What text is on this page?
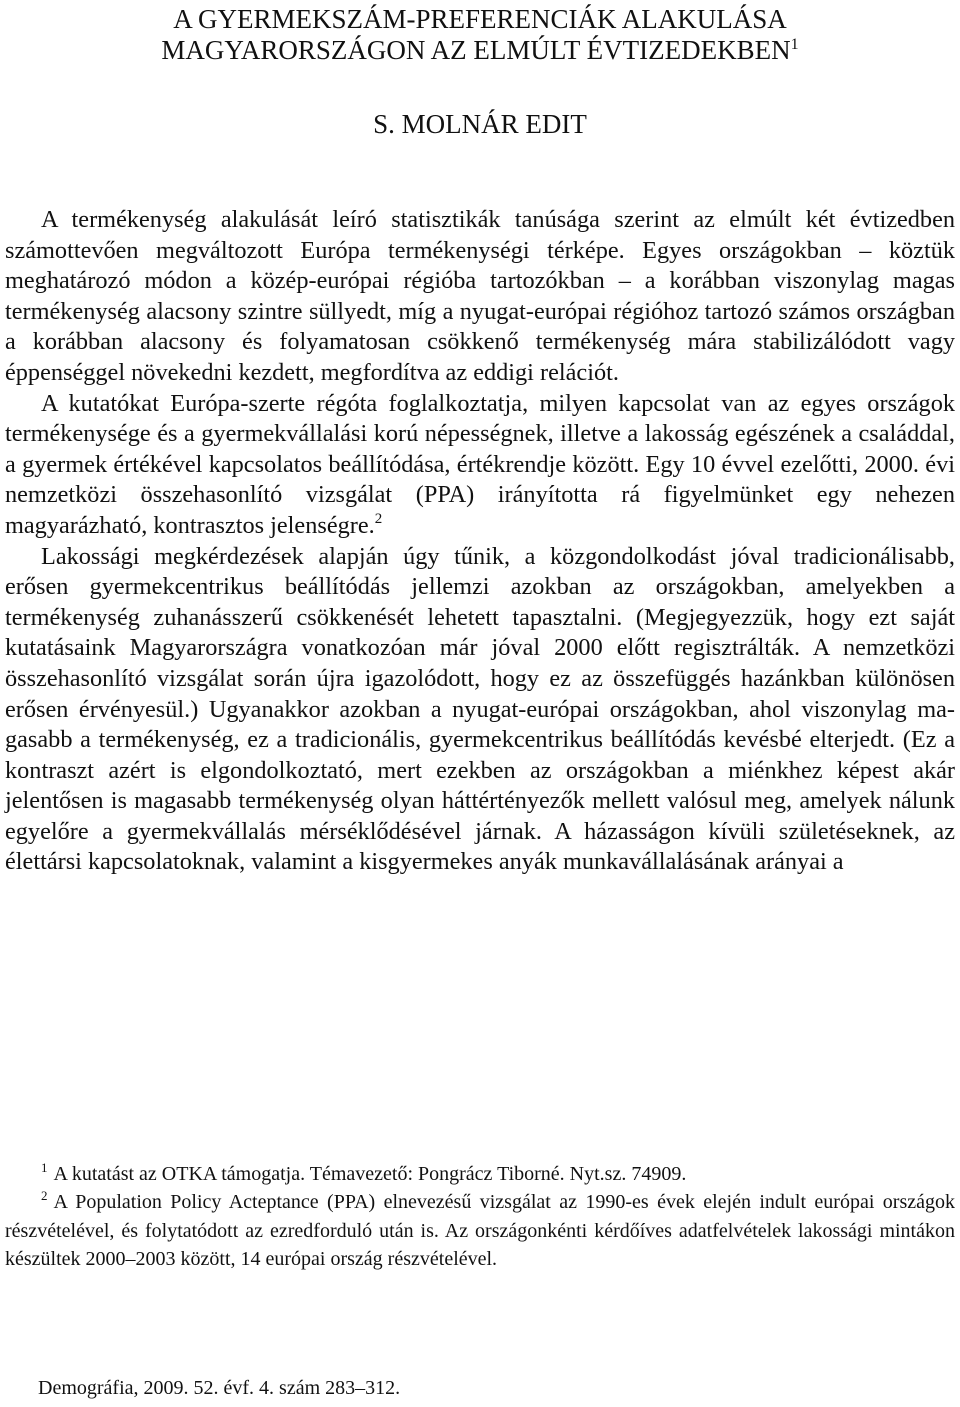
A GYERMEKSZÁM-PREFERENCIÁK ALAKULÁSA
MAGYARORSZÁGON AZ ELMÚLT ÉVTIZEDEKBEN$^1$
S. MOLNÁR EDIT

A termékenység alakulását leíró statisztikák tanúsága szerint az elmúlt két évtizedben számottevően megváltozott Európa termékenységi térképe. Egyes országokban – köztük meghatározó módon a közép-európai régióba tartozókban – a korábban viszonylag magas termékenység alacsony szintre süllyedt, míg a nyugat-európai régióhoz tartozó számos országban a korábban alacsony és folyamatosan csökkenő termékenység mára stabilizálódott vagy éppenséggel növekedni kezdett, megfordítva az eddigi relációt.

A kutatókat Európa-szerte régóta foglalkoztatja, milyen kapcsolat van az egyes országok termékenysége és a gyermekvállalási korú népességnek, illetve a lakosság egészének a családdal, a gyermek értékével kapcsolatos beállítódása, értékrendje között. Egy 10 évvel ezelőtti, 2000. évi nemzetközi összehasonlító vizsgálat (PPA) irányította rá figyelmünket egy nehezen magyarázható, kontrasztos jelenségre.$^2$

Lakossági megkérdezések alapján úgy tűnik, a közgondolkodást jóval tradicionálisabb, erősen gyermekcentrikus beállítódás jellemzi azokban az országokban, amelyekben a termékenység zuhanásszerű csökkenését lehetett tapasztalni. (Megjegyezzük, hogy ezt saját kutatásaink Magyarországra vonatkozóan már jóval 2000 előtt regisztrálták. A nemzetközi összehasonlító vizsgálat során újra igazolódott, hogy ez az összefüggés hazánkban különösen erősen érvényesül.) Ugyanakkor azokban a nyugat-európai országokban, ahol viszonylag magasabb a termékenység, ez a tradicionális, gyermekcentrikus beállítódás kevésbé elterjedt. (Ez a kontraszt azért is elgondolkoztató, mert ezekben az országokban a miénkhez képest akár jelentősen is magasabb termékenység olyan háttértényezők mellett valósul meg, amelyek nálunk egyelőre a gyermekvállalás mérséklődésével járnak. A házasságon kívüli születéseknek, az élettársi kapcsolatoknak, valamint a kisgyermekes anyák munkavállalásának arányai a

$^1$ A kutatást az OTKA támogatja. Témavezető: Pongrácz Tiborné. Nyt.sz. 74909.

$^2$ A Population Policy Acteptance (PPA) elnevezésű vizsgálat az 1990-es évek elején indult európai országok részvételével, és folytatódott az ezredforduló után is. Az országonkénti kérdőíves adatfelvételek lakossági mintákon készültek 2000–2003 között, 14 európai ország részvételével.

Demográfia, 2009. 52. évf. 4. szám 283–312.
